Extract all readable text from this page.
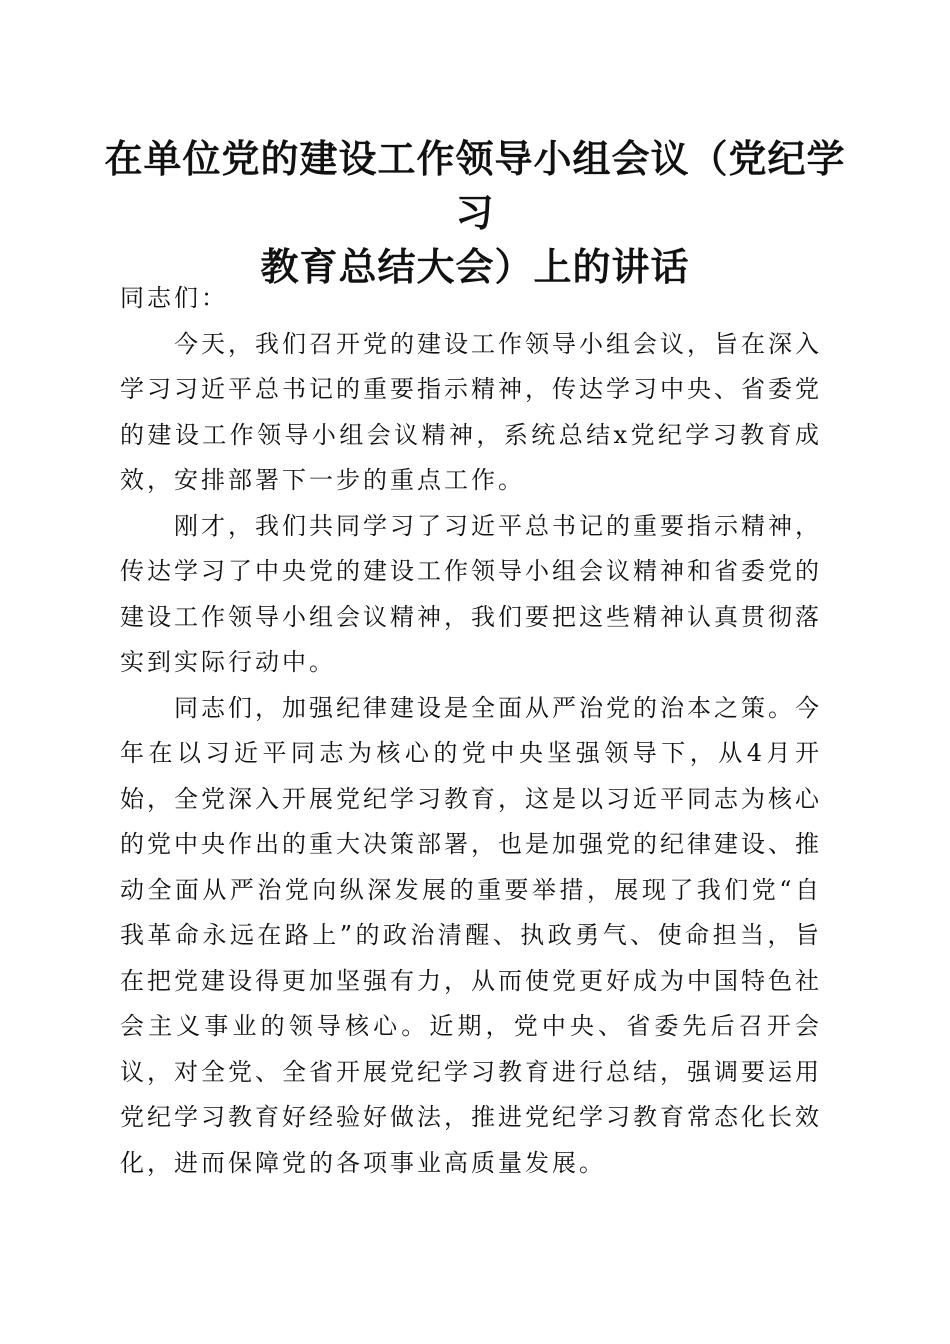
在单位党的建设工作领导小组会议（党纪学习
教育总结大会）上的讲话

同志们：

今天，我们召开党的建设工作领导小组会议，旨在深入学习习近平总书记的重要指示精神，传达学习中央、省委党的建设工作领导小组会议精神，系统总结x党纪学习教育成效，安排部署下一步的重点工作。

刚才，我们共同学习了习近平总书记的重要指示精神，传达学习了中央党的建设工作领导小组会议精神和省委党的建设工作领导小组会议精神，我们要把这些精神认真贯彻落实到实际行动中。

同志们，加强纪律建设是全面从严治党的治本之策。今年在以习近平同志为核心的党中央坚强领导下，从4月开始，全党深入开展党纪学习教育，这是以习近平同志为核心的党中央作出的重大决策部署，也是加强党的纪律建设、推动全面从严治党向纵深发展的重要举措，展现了我们党“自我革命永远在路上”的政治清醒、执政勇气、使命担当，旨在把党建设得更加坚强有力，从而使党更好成为中国特色社会主义事业的领导核心。近期，党中央、省委先后召开会议，对全党、全省开展党纪学习教育进行总结，强调要运用党纪学习教育好经验好做法，推进党纪学习教育常态化长效化，进而保障党的各项事业高质量发展。
